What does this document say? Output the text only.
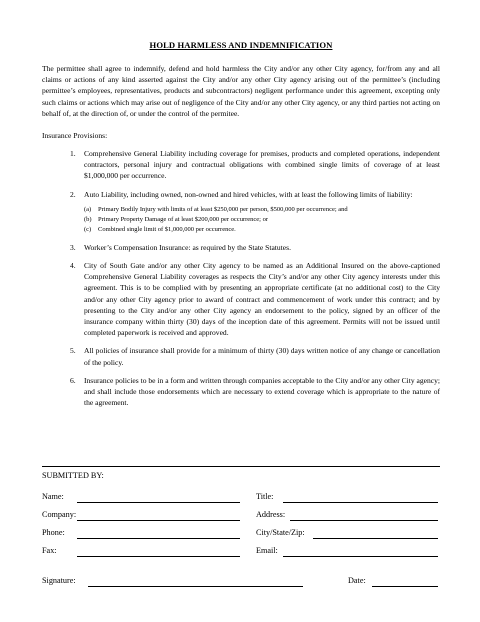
HOLD HARMLESS AND INDEMNIFICATION

The permittee shall agree to indemnify, defend and hold harmless the City and/or any other City agency, for/from any and all claims or actions of any kind asserted against the City and/or any other City agency arising out of the permittee’s (including permittee’s employees, representatives, products and subcontractors) negligent performance under this agreement, excepting only such claims or actions which may arise out of negligence of the City and/or any other City agency, or any third parties not acting on behalf of, at the direction of, or under the control of the permitee.

Insurance Provisions:

1. Comprehensive General Liability including coverage for premises, products and completed operations, independent contractors, personal injury and contractual obligations with combined single limits of coverage of at least $1,000,000 per occurrence.
2. Auto Liability, including owned, non-owned and hired vehicles, with at least the following limits of liability:
(a) Primary Bodily Injury with limits of at least $250,000 per person, $500,000 per occurrence; and
(b) Primary Property Damage of at least $200,000 per occurrence; or
(c) Combined single limit of $1,000,000 per occurrence.
3. Worker’s Compensation Insurance: as required by the State Statutes.
4. City of South Gate and/or any other City agency to be named as an Additional Insured on the above-captioned Comprehensive General Liability coverages as respects the City’s and/or any other City agency interests under this agreement. This is to be complied with by presenting an appropriate certificate (at no additional cost) to the City and/or any other City agency prior to award of contract and commencement of work under this contract; and by presenting to the City and/or any other City agency an endorsement to the policy, signed by an officer of the insurance company within thirty (30) days of the inception date of this agreement. Permits will not be issued until completed paperwork is received and approved.
5. All policies of insurance shall provide for a minimum of thirty (30) days written notice of any change or cancellation of the policy.
6. Insurance policies to be in a form and written through companies acceptable to the City and/or any other City agency; and shall include those endorsements which are necessary to extend coverage which is appropriate to the nature of the agreement.
SUBMITTED BY:
Name:	Title:
Company:	Address:
Phone:	City/State/Zip:
Fax:	Email:
Signature:	Date:
